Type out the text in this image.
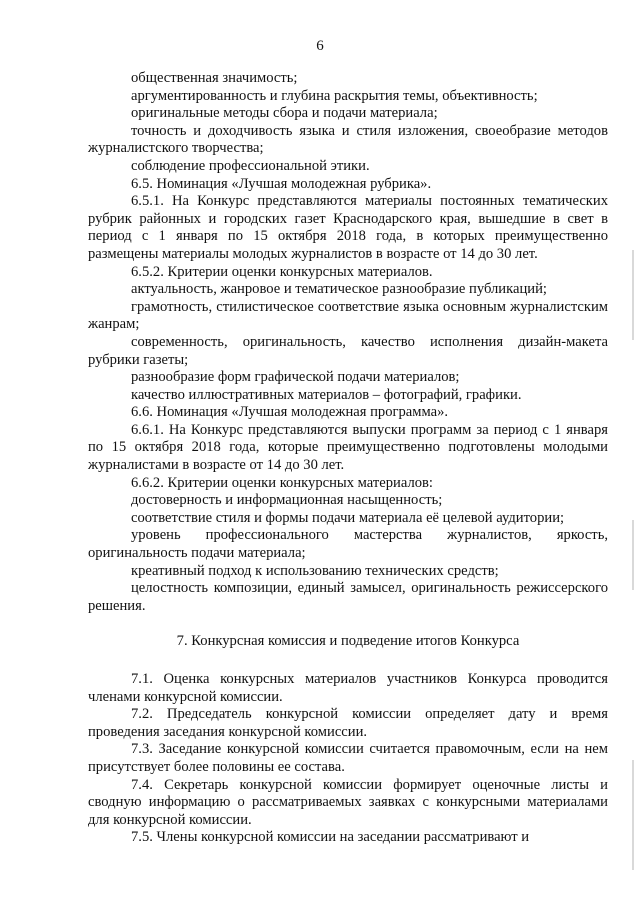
6

общественная значимость;

аргументированность и глубина раскрытия темы, объективность;

оригинальные методы сбора и подачи материала;

точность и доходчивость языка и стиля изложения, своеобразие методов журналистского творчества;

соблюдение профессиональной этики.

6.5. Номинация «Лучшая молодежная рубрика».

6.5.1. На Конкурс представляются материалы постоянных тематических рубрик районных и городских газет Краснодарского края, вышедшие в свет в период с 1 января по 15 октября 2018 года, в которых преимущественно размещены материалы молодых журналистов в возрасте от 14 до 30 лет.

6.5.2. Критерии оценки конкурсных материалов.

актуальность, жанровое и тематическое разнообразие публикаций;

грамотность, стилистическое соответствие языка основным журналистским жанрам;

современность, оригинальность, качество исполнения дизайн-макета рубрики газеты;

разнообразие форм графической подачи материалов;

качество иллюстративных материалов – фотографий, графики.

6.6. Номинация «Лучшая молодежная программа».

6.6.1. На Конкурс представляются выпуски программ за период с 1 января по 15 октября 2018 года, которые преимущественно подготовлены молодыми журналистами в возрасте от 14 до 30 лет.

6.6.2. Критерии оценки конкурсных материалов:

достоверность и информационная насыщенность;

соответствие стиля и формы подачи материала её целевой аудитории;

уровень профессионального мастерства журналистов, яркость, оригинальность подачи материала;

креативный подход к использованию технических средств;

целостность композиции, единый замысел, оригинальность режиссерского решения.

7. Конкурсная комиссия и подведение итогов Конкурса

7.1. Оценка конкурсных материалов участников Конкурса проводится членами конкурсной комиссии.

7.2. Председатель конкурсной комиссии определяет дату и время проведения заседания конкурсной комиссии.

7.3. Заседание конкурсной комиссии считается правомочным, если на нем присутствует более половины ее состава.

7.4. Секретарь конкурсной комиссии формирует оценочные листы и сводную информацию о рассматриваемых заявках с конкурсными материалами для конкурсной комиссии.

7.5. Члены конкурсной комиссии на заседании рассматривают и
